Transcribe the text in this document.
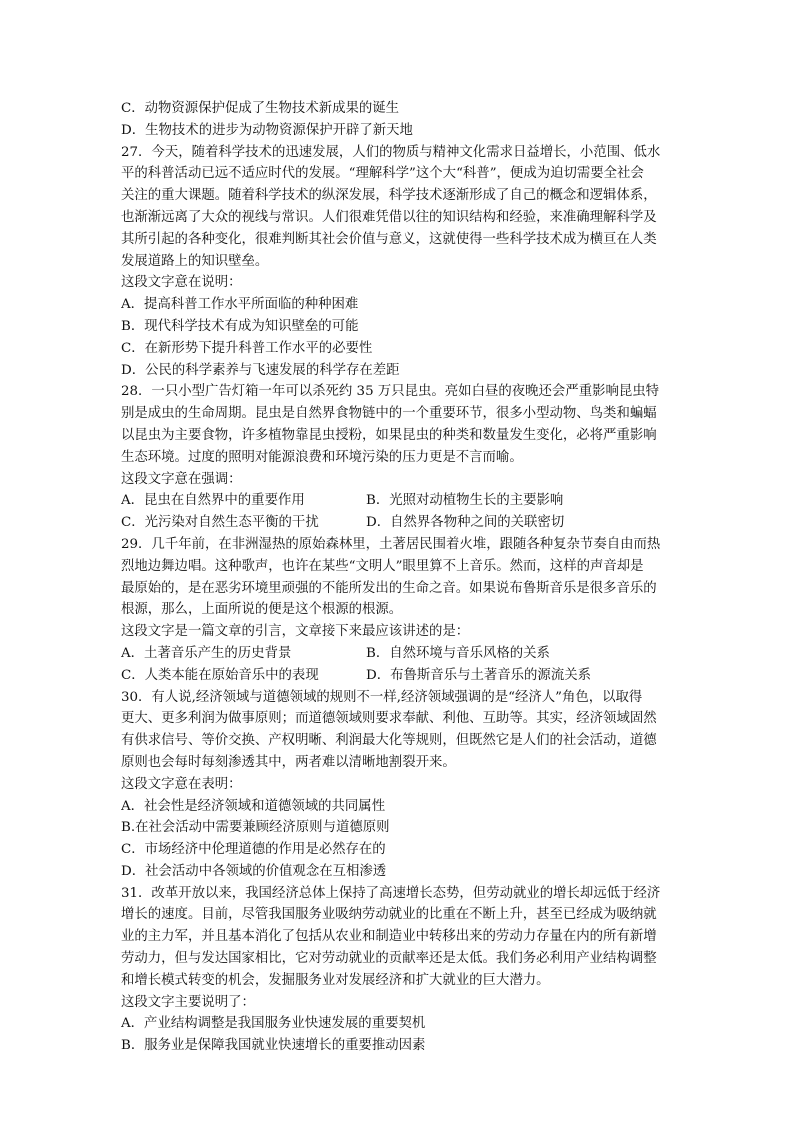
C．动物资源保护促成了生物技术新成果的诞生
D．生物技术的进步为动物资源保护开辟了新天地
27．今天，随着科学技术的迅速发展，人们的物质与精神文化需求日益增长，小范围、低水
平的科普活动已远不适应时代的发展。“理解科学”这个大“科普”，便成为迫切需要全社会
关注的重大课题。随着科学技术的纵深发展，科学技术逐渐形成了自己的概念和逻辑体系，
也渐渐远离了大众的视线与常识。人们很难凭借以往的知识结构和经验，来准确理解科学及
其所引起的各种变化，很难判断其社会价值与意义，这就使得一些科学技术成为横亘在人类
发展道路上的知识壁垒。
这段文字意在说明：
A．提高科普工作水平所面临的种种困难
B．现代科学技术有成为知识壁垒的可能
C．在新形势下提升科普工作水平的必要性
D．公民的科学素养与飞速发展的科学存在差距
28．一只小型广告灯箱一年可以杀死约 35 万只昆虫。亮如白昼的夜晚还会严重影响昆虫特
别是成虫的生命周期。昆虫是自然界食物链中的一个重要环节，很多小型动物、鸟类和蝙蝠
以昆虫为主要食物，许多植物靠昆虫授粉，如果昆虫的种类和数量发生变化，必将严重影响
生态环境。过度的照明对能源浪费和环境污染的压力更是不言而喻。
这段文字意在强调：
A．昆虫在自然界中的重要作用	B．光照对动植物生长的主要影响
C．光污染对自然生态平衡的干扰	D．自然界各物种之间的关联密切
29．几千年前，在非洲湿热的原始森林里，土著居民围着火堆，跟随各种复杂节奏自由而热
烈地边舞边唱。这种歌声，也许在某些“文明人”眼里算不上音乐。然而，这样的声音却是
最原始的，是在恶劣环境里顽强的不能所发出的生命之音。如果说布鲁斯音乐是很多音乐的
根源，那么，上面所说的便是这个根源的根源。
这段文字是一篇文章的引言，文章接下来最应该讲述的是：
A．土著音乐产生的历史背景	B．自然环境与音乐风格的关系
C．人类本能在原始音乐中的表现	D．布鲁斯音乐与土著音乐的源流关系
30．有人说,经济领域与道德领域的规则不一样,经济领域强调的是“经济人”角色，以取得
更大、更多利润为做事原则；而道德领域则要求奉献、利他、互助等。其实，经济领域固然
有供求信号、等价交换、产权明晰、利润最大化等规则，但既然它是人们的社会活动，道德
原则也会每时每刻渗透其中，两者难以清晰地割裂开来。
这段文字意在表明：
A．社会性是经济领域和道德领域的共同属性
B.在社会活动中需要兼顾经济原则与道德原则
C．市场经济中伦理道德的作用是必然存在的
D．社会活动中各领域的价值观念在互相渗透
31．改革开放以来，我国经济总体上保持了高速增长态势，但劳动就业的增长却远低于经济
增长的速度。目前，尽管我国服务业吸纳劳动就业的比重在不断上升，甚至已经成为吸纳就
业的主力军，并且基本消化了包括从农业和制造业中转移出来的劳动力存量在内的所有新增
劳动力，但与发达国家相比，它对劳动就业的贡献率还是太低。我们务必利用产业结构调整
和增长模式转变的机会，发掘服务业对发展经济和扩大就业的巨大潜力。
这段文字主要说明了：
A．产业结构调整是我国服务业快速发展的重要契机
B．服务业是保障我国就业快速增长的重要推动因素
